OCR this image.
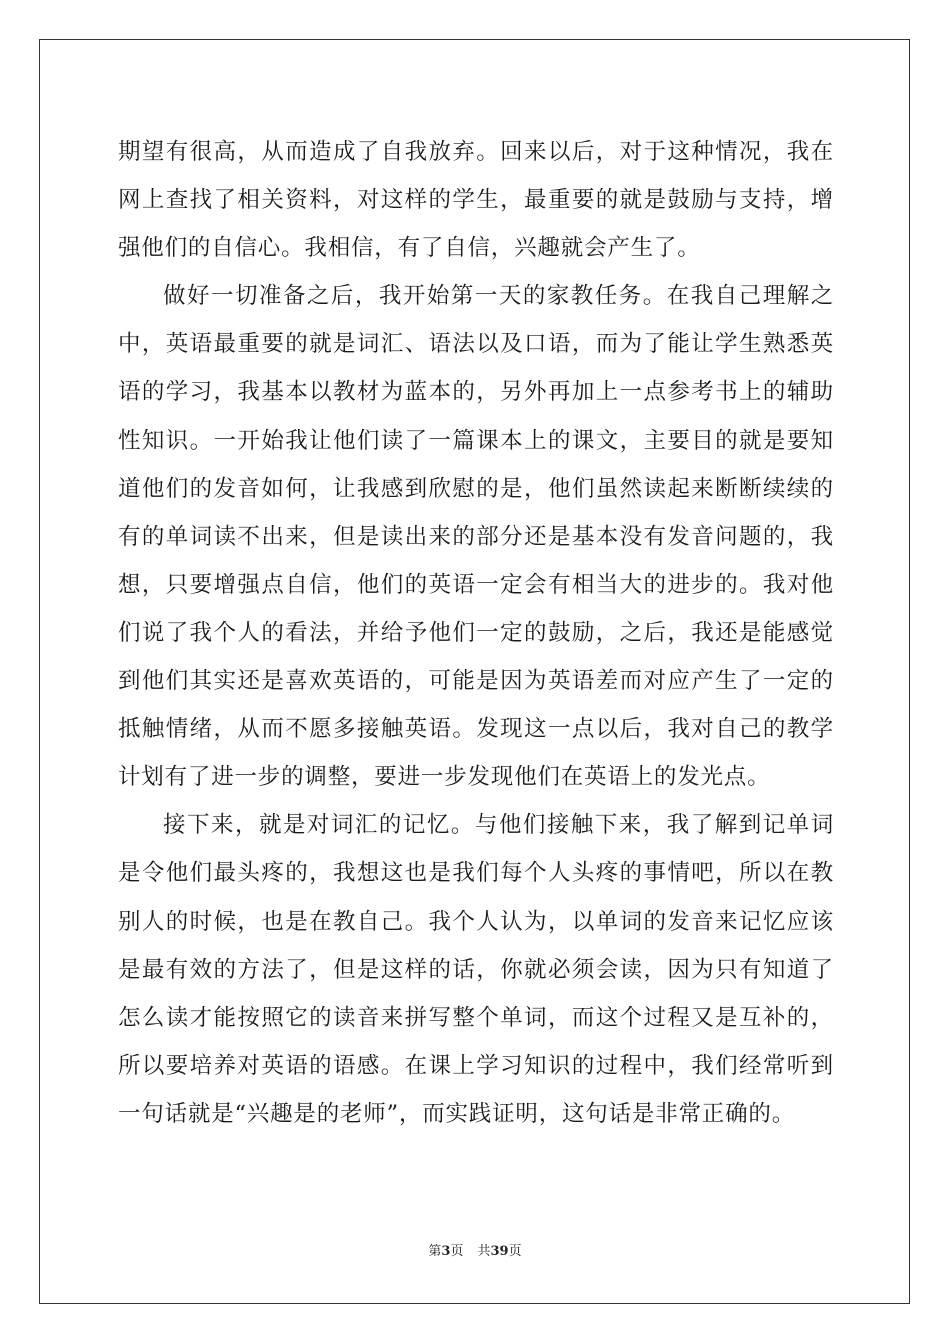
期望有很高，从而造成了自我放弃。回来以后，对于这种情况，我在网上查找了相关资料，对这样的学生，最重要的就是鼓励与支持，增强他们的自信心。我相信，有了自信，兴趣就会产生了。

做好一切准备之后，我开始第一天的家教任务。在我自己理解之中，英语最重要的就是词汇、语法以及口语，而为了能让学生熟悉英语的学习，我基本以教材为蓝本的，另外再加上一点参考书上的辅助性知识。一开始我让他们读了一篇课本上的课文，主要目的就是要知道他们的发音如何，让我感到欣慰的是，他们虽然读起来断断续续的有的单词读不出来，但是读出来的部分还是基本没有发音问题的，我想，只要增强点自信，他们的英语一定会有相当大的进步的。我对他们说了我个人的看法，并给予他们一定的鼓励，之后，我还是能感觉到他们其实还是喜欢英语的，可能是因为英语差而对应产生了一定的抵触情绪，从而不愿多接触英语。发现这一点以后，我对自己的教学计划有了进一步的调整，要进一步发现他们在英语上的发光点。

接下来，就是对词汇的记忆。与他们接触下来，我了解到记单词是令他们最头疼的，我想这也是我们每个人头疼的事情吧，所以在教别人的时候，也是在教自己。我个人认为，以单词的发音来记忆应该是最有效的方法了，但是这样的话，你就必须会读，因为只有知道了怎么读才能按照它的读音来拼写整个单词，而这个过程又是互补的，所以要培养对英语的语感。在课上学习知识的过程中，我们经常听到一句话就是“兴趣是的老师”，而实践证明，这句话是非常正确的。

第3页 共39页
